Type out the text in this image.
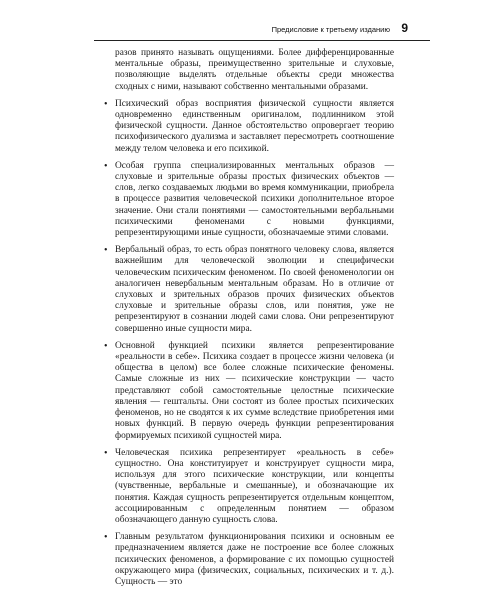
Предисловие к третьему изданию 9

разов принято называть ощущениями. Более дифференцированные ментальные образы, преимущественно зрительные и слуховые, позволяющие выделять отдельные объекты среди множества сходных с ними, называют собственно ментальными образами.

• Психический образ восприятия физической сущности является одновременно единственным оригиналом, подлинником этой физической сущности. Данное обстоятельство опровергает теорию психофизического дуализма и заставляет пересмотреть соотношение между телом человека и его психикой.
• Особая группа специализированных ментальных образов — слуховые и зрительные образы простых физических объектов — слов, легко создаваемых людьми во время коммуникации, приобрела в процессе развития человеческой психики дополнительное второе значение. Они стали понятиями — самостоятельными вербальными психическими феноменами с новыми функциями, репрезентирующими иные сущности, обозначаемые этими словами.
• Вербальный образ, то есть образ понятного человеку слова, является важнейшим для человеческой эволюции и специфически человеческим психическим феноменом. По своей феноменологии он аналогичен невербальным ментальным образам. Но в отличие от слуховых и зрительных образов прочих физических объектов слуховые и зрительные образы слов, или понятия, уже не репрезентируют в сознании людей сами слова. Они репрезентируют совершенно иные сущности мира.
• Основной функцией психики является репрезентирование «реальности в себе». Психика создает в процессе жизни человека (и общества в целом) все более сложные психические феномены. Самые сложные из них — психические конструкции — часто представляют собой самостоятельные целостные психические явления — гештальты. Они состоят из более простых психических феноменов, но не сводятся к их сумме вследствие приобретения ими новых функций. В первую очередь функции репрезентирования формируемых психикой сущностей мира.
• Человеческая психика репрезентирует «реальность в себе» сущностно. Она конституирует и конструирует сущности мира, используя для этого психические конструкции, или концепты (чувственные, вербальные и смешанные), и обозначающие их понятия. Каждая сущность репрезентируется отдельным концептом, ассоциированным с определенным понятием — образом обозначающего данную сущность слова.
• Главным результатом функционирования психики и основным ее предназначением является даже не построение все более сложных психических феноменов, а формирование с их помощью сущностей окружающего мира (физических, социальных, психических и т. д.). Сущность — это
